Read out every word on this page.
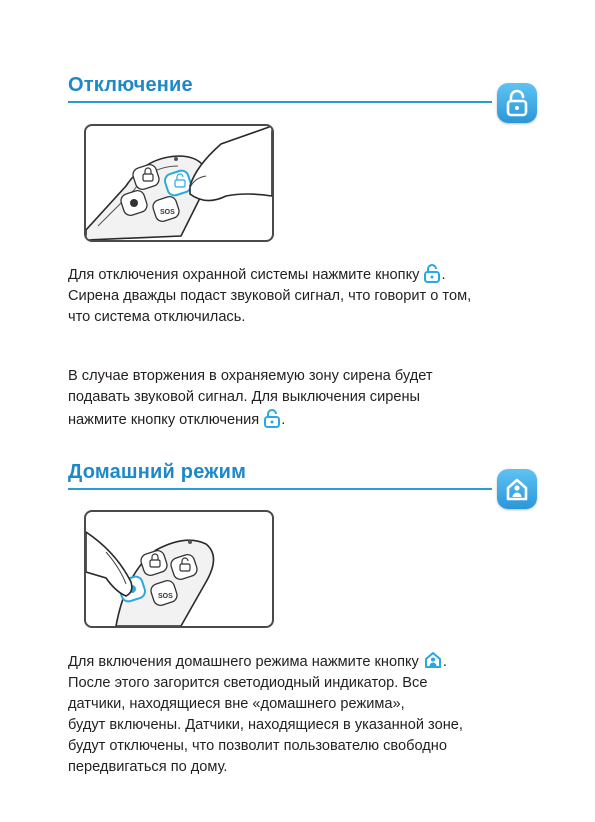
Отключение
SOS

Для отключения охранной системы нажмите кнопку .
Сирена дважды подаст звуковой сигнал, что говорит о том,
что система отключилась.

В случае вторжения в охраняемую зону сирена будет
подавать звуковой сигнал. Для выключения сирены
нажмите кнопку отключения .

Домашний режим
SOS

Для включения домашнего режима нажмите кнопку .
После этого загорится светодиодный индикатор. Все
датчики, находящиеся вне «домашнего режима»,
будут включены. Датчики, находящиеся в указанной зоне,
будут отключены, что позволит пользователю свободно
передвигаться по дому.
